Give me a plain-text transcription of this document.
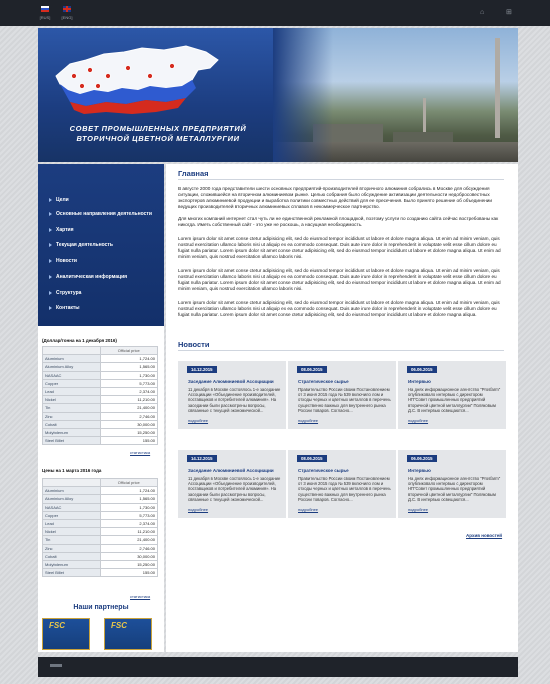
[RUS]	[ENG]
⌂	⊞
СОВЕТ ПРОМЫШЛЕННЫХ ПРЕДПРИЯТИЙ
ВТОРИЧНОЙ ЦВЕТНОЙ МЕТАЛЛУРГИИ
Цели
Основные направления деятельности
Хартия
Текущая деятельность
Новости
Аналитическая информация
Структура
Контакты
(Доллар/тонна на 1 декабря 2016)
	Official price
Aluminium	1,724.00
Aluminium Alloy	1,565.00
NASAAC	1,730.00
Copper	5,773.00
Lead	2,374.00
Nickel	11,210.00
Tin	21,400.00
Zinc	2,746.00
Cobalt	30,000.00
Molybdenum	15,250.00
Steel Billet	155.00
статистика
Цены на 1 марта 2016 года
	Official price
Aluminium	1,724.00
Aluminium Alloy	1,565.00
NASAAC	1,730.00
Copper	5,773.00
Lead	2,374.00
Nickel	11,210.00
Tin	21,400.00
Zinc	2,746.00
Cobalt	30,000.00
Molybdenum	15,250.00
Steel Billet	155.00
статистика
Наши партнеры
FSC	FSC
Главная
В августе 2000 года представители шести основных предприятий-производителей вторичного алюминия собрались в Москве для обсуждения ситуации, сложившейся на вторичном алюминиевом рынке. Целью собрания было обсуждение активизации деятельности недобросовестных экспортеров алюминиевой продукции и выработка политики совместных действий для ее пресечения. Было принято решение об объединении ведущих производителей вторичных алюминиевых сплавов в некоммерческое партнерство.
Для многих компаний интернет стал чуть ли не единственной рекламной площадкой, поэтому услуги по созданию сайта сейчас востребованы как никогда. Иметь собственный сайт - это уже не роскошь, а насущная необходимость.
Lorem ipsum dolor sit amet conse ctetur adipisicing elit, sed do eiusmod tempor incididunt ut labore et dolore magna aliqua. Ut enim ad minim veniam, quis nostrud exercitation ullamco laboris nisi ut aliquip ex ea commodo consequat. Duis aute irure dolor in reprehenderit in voluptate velit esse cillum dolore eu fugiat nulla pariatur. Lorem ipsum dolor sit amet conse ctetur adipisicing elit, sed do eiusmod tempor incididunt ut labore et dolore magna aliqua. Ut enim ad minim veniam, quis nostrud exercitation ullamco laboris nisi.
Lorem ipsum dolor sit amet conse ctetur adipisicing elit, sed do eiusmod tempor incididunt ut labore et dolore magna aliqua. Ut enim ad minim veniam, quis nostrud exercitation ullamco laboris nisi ut aliquip ex ea commodo consequat. Duis aute irure dolor in reprehenderit in voluptate velit esse cillum dolore eu fugiat nulla pariatur. Lorem ipsum dolor sit amet conse ctetur adipisicing elit, sed do eiusmod tempor incididunt ut labore et dolore magna aliqua. Ut enim ad minim veniam, quis nostrud exercitation ullamco laboris nisi.
Lorem ipsum dolor sit amet conse ctetur adipisicing elit, sed do eiusmod tempor incididunt ut labore et dolore magna aliqua. Ut enim ad minim veniam, quis nostrud exercitation ullamco laboris nisi ut aliquip ex ea commodo consequat. Duis aute irure dolor in reprehenderit in voluptate velit esse cillum dolore eu fugiat nulla pariatur. Lorem ipsum dolor sit amet conse ctetur adipisicing elit, sed do eiusmod tempor incididunt ut labore et dolore magna aliqua.
Новости
14.12.2015
Заседание Алюминиевой Ассоциации
11 декабря в Москве состоялось 1-е заседание Ассоциации «Объединение производителей, поставщиков и потребителей алюминия». На заседании были рассмотрены вопросы, связанные с текущей экономической...
подробнее
08.06.2015
Стратегическое сырье
Правительство России своим Постановлением от 3 июня 2015 года № 539 включило лом и отходы черных и цветных металлов в перечень существенно важных для внутреннего рынка России товаров. Согласно...
подробнее
06.06.2015
Интервью
На днях информационное агентство "Prosfarm" опубликовало интервью с директором НП"Совет промышленных предприятий вторичной цветной металлургии" Поляковым Д.С. В интервью освещаются...
подробнее
14.12.2015
Заседание Алюминиевой Ассоциации
11 декабря в Москве состоялось 1-е заседание Ассоциации «Объединение производителей, поставщиков и потребителей алюминия». На заседании были рассмотрены вопросы, связанные с текущей экономической...
подробнее
08.06.2015
Стратегическое сырье
Правительство России своим Постановлением от 3 июня 2015 года № 539 включило лом и отходы черных и цветных металлов в перечень существенно важных для внутреннего рынка России товаров. Согласно...
подробнее
06.06.2015
Интервью
На днях информационное агентство "Prosfarm" опубликовало интервью с директором НП"Совет промышленных предприятий вторичной цветной металлургии" Поляковым Д.С. В интервью освещаются...
подробнее
Архив новостей
